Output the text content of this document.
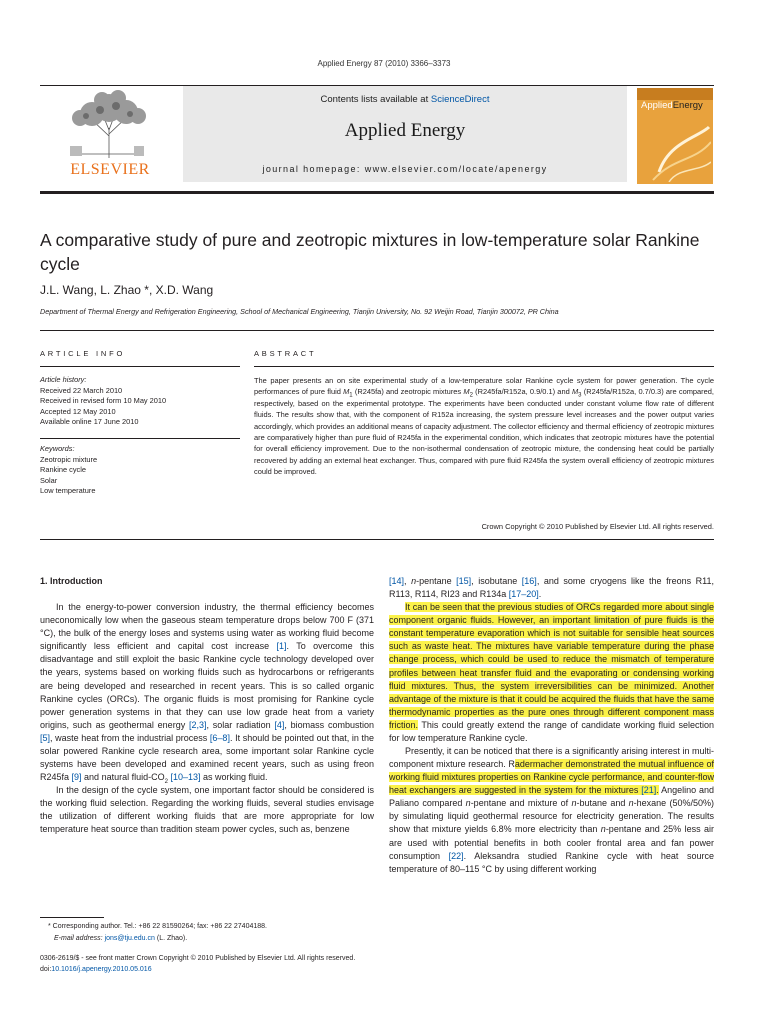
Applied Energy 87 (2010) 3366–3373
ELSEVIER
Contents lists available at ScienceDirect
Applied Energy
journal homepage: www.elsevier.com/locate/apenergy
AppliedEnergy
A comparative study of pure and zeotropic mixtures in low-temperature solar Rankine cycle
J.L. Wang, L. Zhao *, X.D. Wang
Department of Thermal Energy and Refrigeration Engineering, School of Mechanical Engineering, Tianjin University, No. 92 Weijin Road, Tianjin 300072, PR China
ARTICLE INFO	ABSTRACT
Article history:
Received 22 March 2010
Received in revised form 10 May 2010
Accepted 12 May 2010
Available online 17 June 2010
Keywords:
Zeotropic mixture
Rankine cycle
Solar
Low temperature
The paper presents an on site experimental study of a low-temperature solar Rankine cycle system for power generation. The cycle performances of pure fluid $M_1$ (R245fa) and zeotropic mixtures $M_2$ (R245fa/R152a, 0.9/0.1) and $M_3$ (R245fa/R152a, 0.7/0.3) are compared, respectively, based on the experimental prototype. The experiments have been conducted under constant volume flow rate of different fluids. The results show that, with the component of R152a increasing, the system pressure level increases and the power output varies accordingly, which provides an additional means of capacity adjustment. The collector efficiency and thermal efficiency of zeotropic mixtures are comparatively higher than pure fluid of R245fa in the experimental condition, which indicates that zeotropic mixtures have the potential for overall efficiency improvement. Due to the non-isothermal condensation of zeotropic mixture, the condensing heat could be partially recovered by adding an external heat exchanger. Thus, compared with pure fluid R245fa the system overall efficiency of zeotropic mixtures could be improved.
Crown Copyright © 2010 Published by Elsevier Ltd. All rights reserved.

1. Introduction

In the energy-to-power conversion industry, the thermal efficiency becomes uneconomically low when the gaseous steam temperature drops below 700 F (371 °C), the bulk of the energy loses and systems using water as working fluid become significantly less efficient and capital cost increase [1]. To overcome this disadvantage and still exploit the basic Rankine cycle technology developed over the years, systems based on working fluids such as hydrocarbons or refrigerants are being developed and researched in recent years. This is so called organic Rankine cycles (ORCs). The organic fluids is most promising for Rankine cycle power generation systems in that they can use low grade heat from a variety origins, such as geothermal energy [2,3], solar radiation [4], biomass combustion [5], waste heat from the industrial process [6–8]. It should be pointed out that, in the solar powered Rankine cycle research area, some important solar Rankine cycle systems have been developed and examined recent years, such as using freon R245fa [9] and natural fluid-$CO_2$ [10–13] as working fluid.

In the design of the cycle system, one important factor should be considered is the working fluid selection. Regarding the working fluids, several studies envisage the utilization of different working fluids that are more appropriate for low temperature heat source than tradition steam power cycles, such as, benzene

* Corresponding author. Tel.: +86 22 81590264; fax: +86 22 27404188.
E-mail address: jons@tju.edu.cn (L. Zhao).
0306-2619/$ - see front matter Crown Copyright © 2010 Published by Elsevier Ltd. All rights reserved.
doi:10.1016/j.apenergy.2010.05.016

[14], n-pentane [15], isobutane [16], and some cryogens like the freons R11, R113, R114, RI23 and R134a [17–20].

It can be seen that the previous studies of ORCs regarded more about single component organic fluids. However, an important limitation of pure fluids is the constant temperature evaporation which is not suitable for sensible heat sources such as waste heat. The mixtures have variable temperature during the phase change process, which could be used to reduce the mismatch of temperature profiles between heat transfer fluid and the evaporating or condensing working fluid mixtures. Thus, the system irreversibilities can be minimized. Another advantage of the mixture is that it could be acquired the fluids that have the same thermodynamic properties as the pure ones through different component mass friction. This could greatly extend the range of candidate working fluid selection for low temperature Rankine cycle.

Presently, it can be noticed that there is a significantly arising interest in multi-component mixture research. Radermacher demonstrated the mutual influence of working fluid mixtures properties on Rankine cycle performance, and counter-flow heat exchangers are suggested in the system for the mixtures [21]. Angelino and Paliano compared n-pentane and mixture of n-butane and n-hexane (50%/50%) by simulating liquid geothermal resource for electricity generation. The results show that mixture yields 6.8% more electricity than n-pentane and 25% less air are used with potential benefits in both cooler frontal area and fan power consumption [22]. Aleksandra studied Rankine cycle with heat source temperature of 80–115 °C by using different working
